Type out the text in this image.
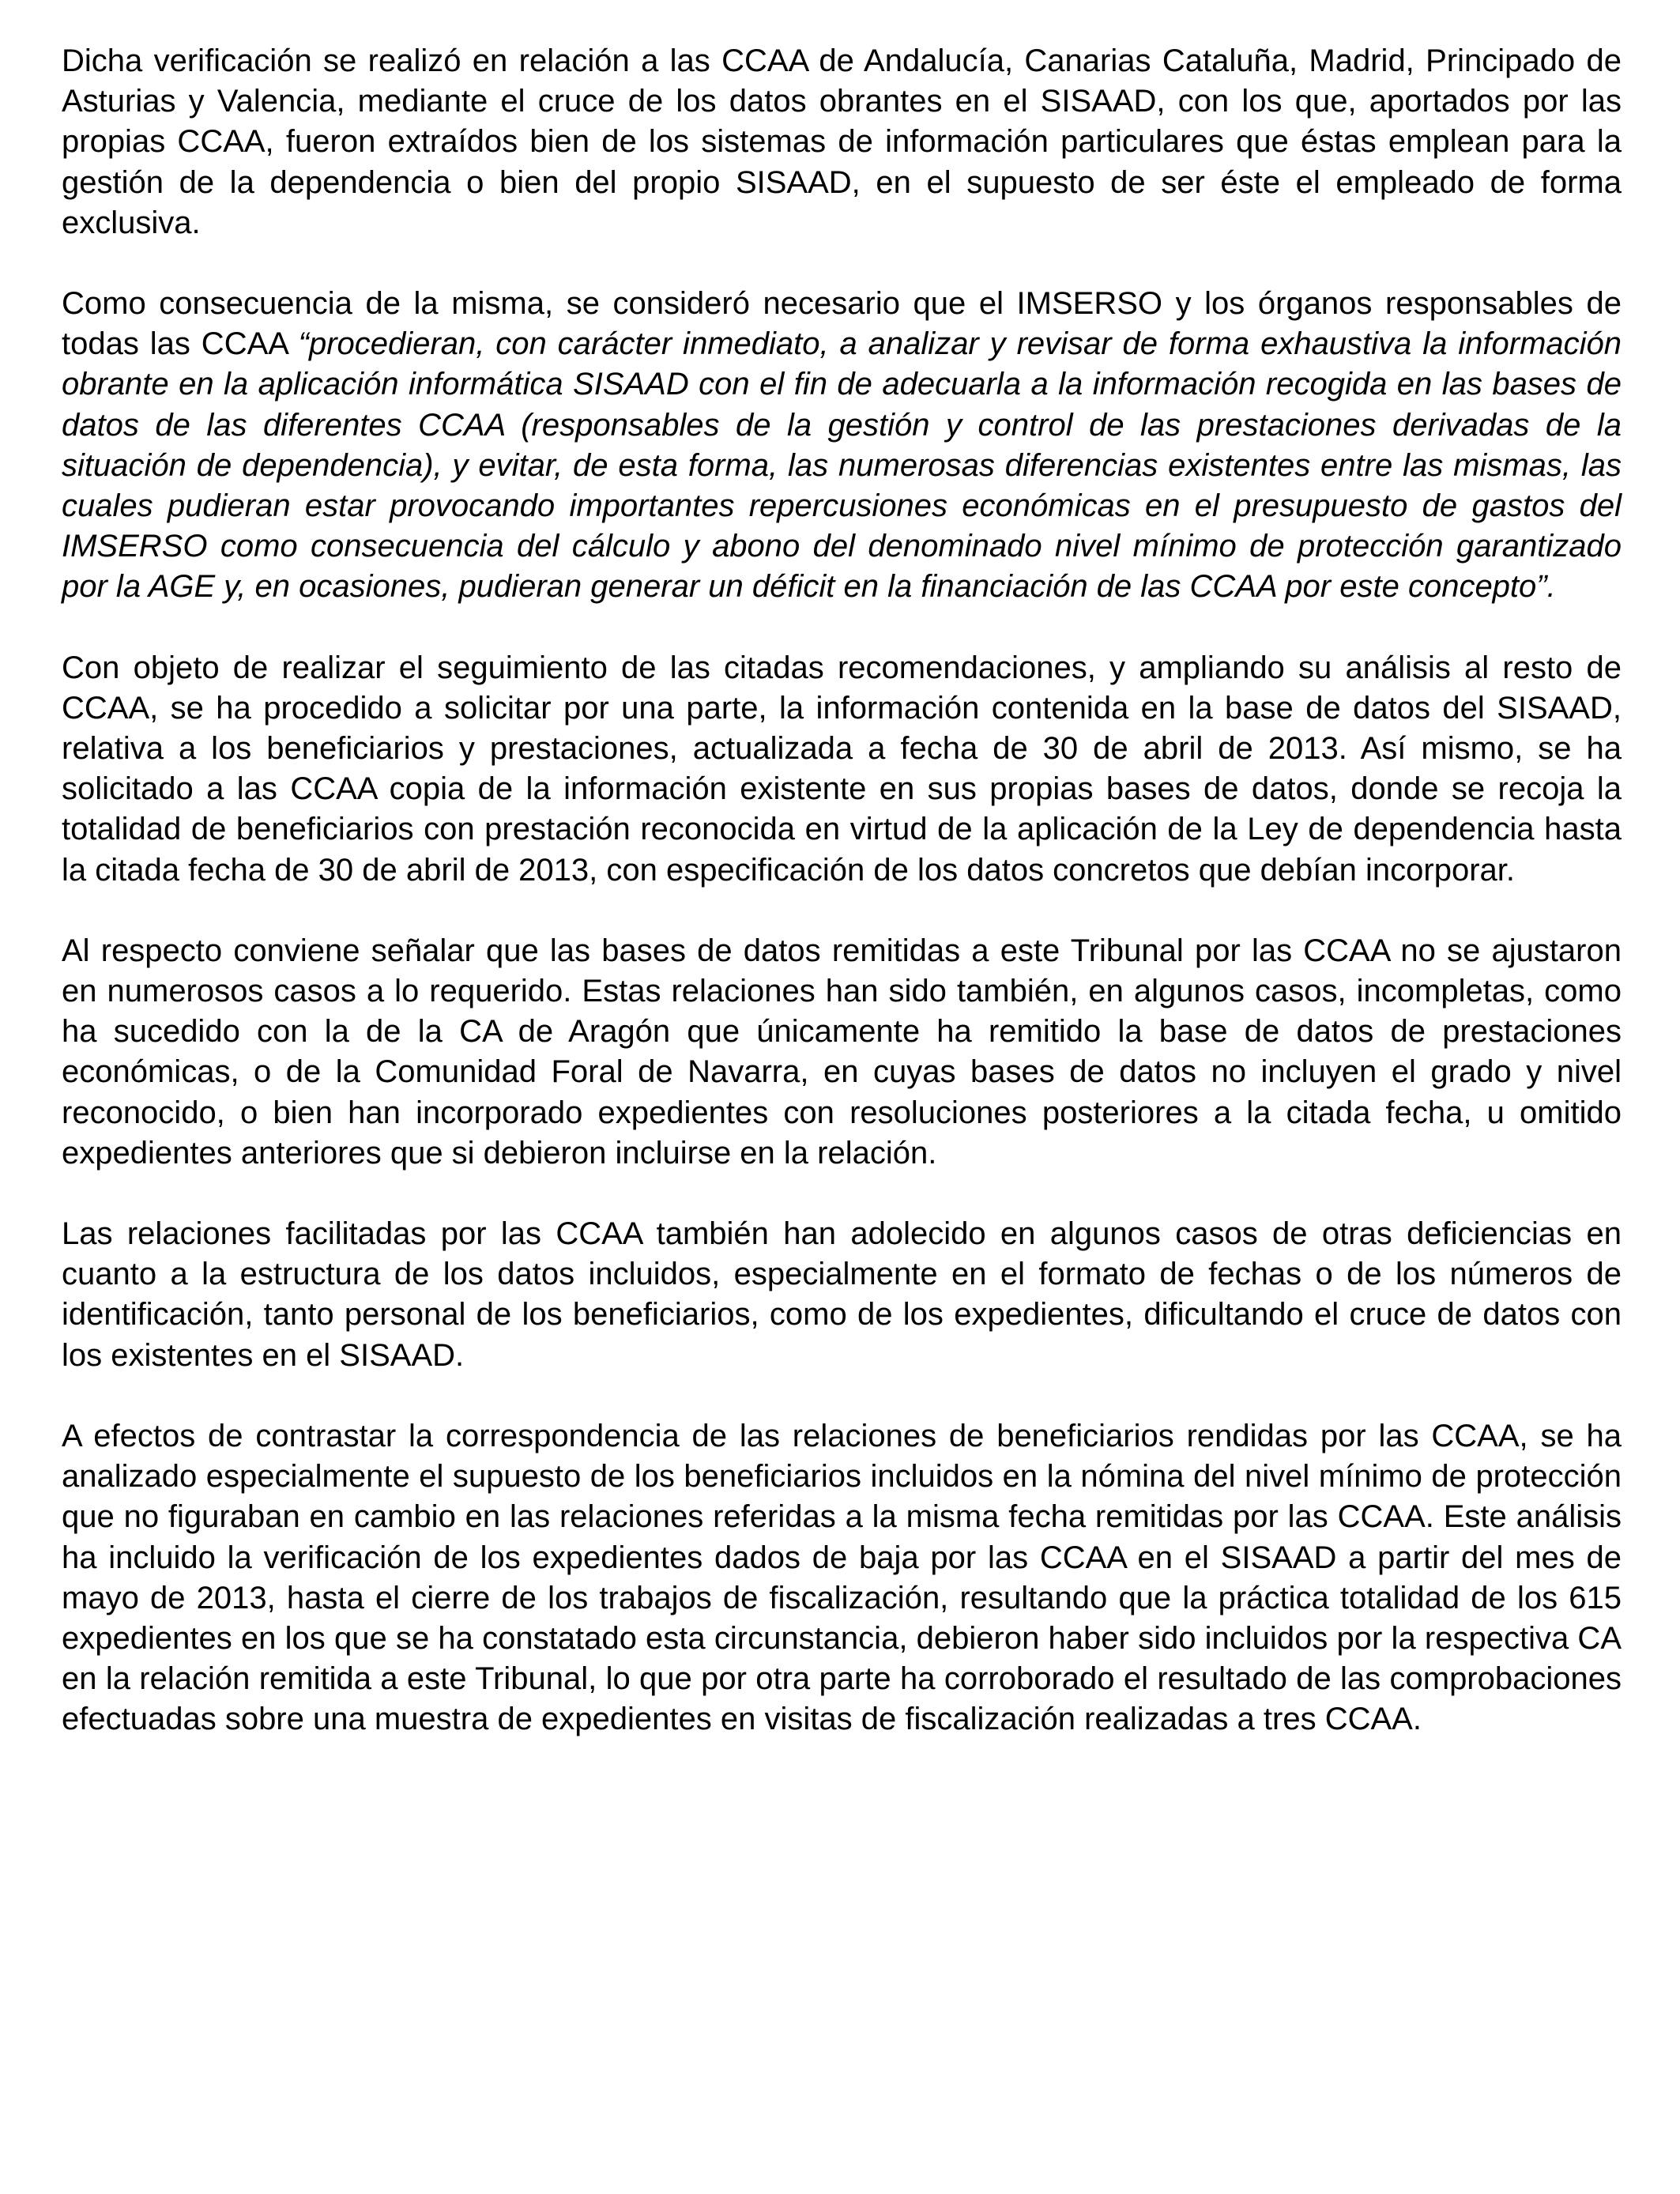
Dicha verificación se realizó en relación a las CCAA de Andalucía, Canarias Cataluña, Madrid, Principado de Asturias y Valencia, mediante el cruce de los datos obrantes en el SISAAD, con los que, aportados por las propias CCAA, fueron extraídos bien de los sistemas de información particulares que éstas emplean para la gestión de la dependencia o bien del propio SISAAD, en el supuesto de ser éste el empleado de forma exclusiva.

Como consecuencia de la misma, se consideró necesario que el IMSERSO y los órganos responsables de todas las CCAA “procedieran, con carácter inmediato, a analizar y revisar de forma exhaustiva la información obrante en la aplicación informática SISAAD con el fin de adecuarla a la información recogida en las bases de datos de las diferentes CCAA (responsables de la gestión y control de las prestaciones derivadas de la situación de dependencia), y evitar, de esta forma, las numerosas diferencias existentes entre las mismas, las cuales pudieran estar provocando importantes repercusiones económicas en el presupuesto de gastos del IMSERSO como consecuencia del cálculo y abono del denominado nivel mínimo de protección garantizado por la AGE y, en ocasiones, pudieran generar un déficit en la financiación de las CCAA por este concepto”.

Con objeto de realizar el seguimiento de las citadas recomendaciones, y ampliando su análisis al resto de CCAA, se ha procedido a solicitar por una parte, la información contenida en la base de datos del SISAAD, relativa a los beneficiarios y prestaciones, actualizada a fecha de 30 de abril de 2013. Así mismo, se ha solicitado a las CCAA copia de la información existente en sus propias bases de datos, donde se recoja la totalidad de beneficiarios con prestación reconocida en virtud de la aplicación de la Ley de dependencia hasta la citada fecha de 30 de abril de 2013, con especificación de los datos concretos que debían incorporar.

Al respecto conviene señalar que las bases de datos remitidas a este Tribunal por las CCAA no se ajustaron en numerosos casos a lo requerido. Estas relaciones han sido también, en algunos casos, incompletas, como ha sucedido con la de la CA de Aragón que únicamente ha remitido la base de datos de prestaciones económicas, o de la Comunidad Foral de Navarra, en cuyas bases de datos no incluyen el grado y nivel reconocido, o bien han incorporado expedientes con resoluciones posteriores a la citada fecha, u omitido expedientes anteriores que si debieron incluirse en la relación.

Las relaciones facilitadas por las CCAA también han adolecido en algunos casos de otras deficiencias en cuanto a la estructura de los datos incluidos, especialmente en el formato de fechas o de los números de identificación, tanto personal de los beneficiarios, como de los expedientes, dificultando el cruce de datos con los existentes en el SISAAD.

A efectos de contrastar la correspondencia de las relaciones de beneficiarios rendidas por las CCAA, se ha analizado especialmente el supuesto de los beneficiarios incluidos en la nómina del nivel mínimo de protección que no figuraban en cambio en las relaciones referidas a la misma fecha remitidas por las CCAA. Este análisis ha incluido la verificación de los expedientes dados de baja por las CCAA en el SISAAD a partir del mes de mayo de 2013, hasta el cierre de los trabajos de fiscalización, resultando que la práctica totalidad de los 615 expedientes en los que se ha constatado esta circunstancia, debieron haber sido incluidos por la respectiva CA en la relación remitida a este Tribunal, lo que por otra parte ha corroborado el resultado de las comprobaciones efectuadas sobre una muestra de expedientes en visitas de fiscalización realizadas a tres CCAA.
